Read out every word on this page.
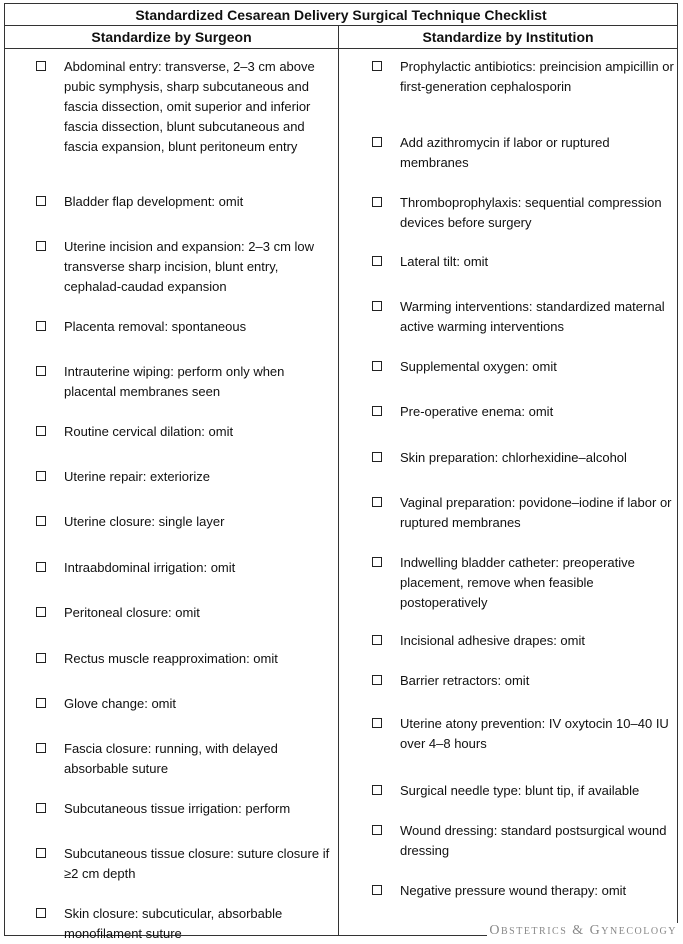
Standardized Cesarean Delivery Surgical Technique Checklist
Standardize by Surgeon	Standardize by Institution
Abdominal entry: transverse, 2–3 cm above pubic symphysis, sharp subcutaneous and fascia dissection, omit superior and inferior fascia dissection, blunt subcutaneous and fascia expansion, blunt peritoneum entry
Bladder flap development: omit
Uterine incision and expansion: 2–3 cm low transverse sharp incision, blunt entry, cephalad-caudad expansion
Placenta removal: spontaneous
Intrauterine wiping: perform only when placental membranes seen
Routine cervical dilation: omit
Uterine repair: exteriorize
Uterine closure: single layer
Intraabdominal irrigation: omit
Peritoneal closure: omit
Rectus muscle reapproximation: omit
Glove change: omit
Fascia closure: running, with delayed absorbable suture
Subcutaneous tissue irrigation: perform
Subcutaneous tissue closure: suture closure if ≥2 cm depth
Skin closure: subcuticular, absorbable monofilament suture
Prophylactic antibiotics: preincision ampicillin or first-generation cephalosporin
Add azithromycin if labor or ruptured membranes
Thromboprophylaxis: sequential compression devices before surgery
Lateral tilt: omit
Warming interventions: standardized maternal active warming interventions
Supplemental oxygen: omit
Pre-operative enema: omit
Skin preparation: chlorhexidine–alcohol
Vaginal preparation: povidone–iodine if labor or ruptured membranes
Indwelling bladder catheter: preoperative placement, remove when feasible postoperatively
Incisional adhesive drapes: omit
Barrier retractors: omit
Uterine atony prevention: IV oxytocin 10–40 IU over 4–8 hours
Surgical needle type: blunt tip, if available
Wound dressing: standard postsurgical wound dressing
Negative pressure wound therapy: omit
Obstetrics & Gynecology
